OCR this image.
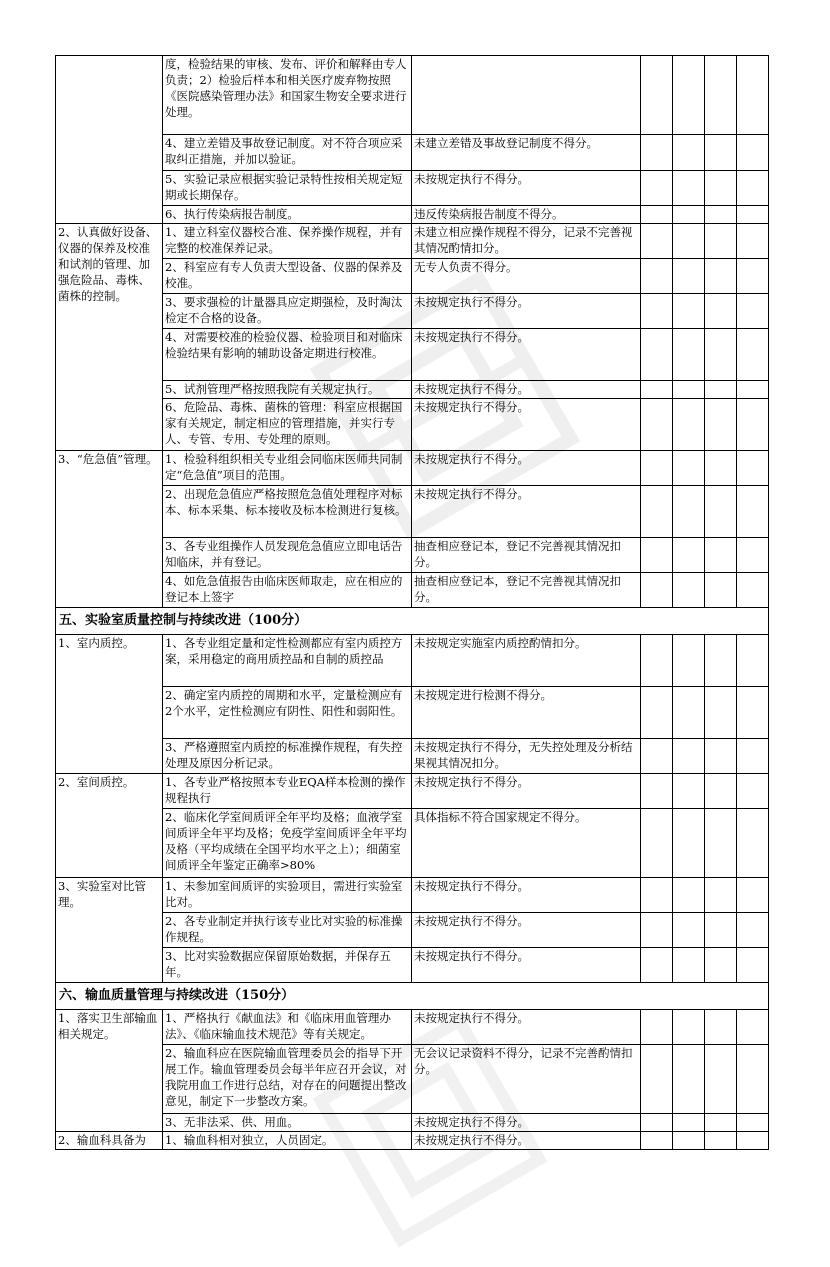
	度，检验结果的审核、发布、评价和解释由专人负责；2）检验后样本和相关医疗废弃物按照《医院感染管理办法》和国家生物安全要求进行处理。					
	4、建立差错及事故登记制度。对不符合项应采取纠正措施，并加以验证。	未建立差错及事故登记制度不得分。				
	5、实验记录应根据实验记录特性按相关规定短期或长期保存。	未按规定执行不得分。				
	6、执行传染病报告制度。	违反传染病报告制度不得分。				
2、认真做好设备、仪器的保养及校准和试剂的管理、加强危险品、毒株、菌株的控制。	1、建立科室仪器校合准、保养操作规程，并有完整的校准保养记录。	未建立相应操作规程不得分，记录不完善视其情况酌情扣分。				
	2、科室应有专人负责大型设备、仪器的保养及校准。	无专人负责不得分。				
	3、要求强检的计量器具应定期强检，及时淘汰检定不合格的设备。	未按规定执行不得分。				
	4、对需要校准的检验仪器、检验项目和对临床检验结果有影响的辅助设备定期进行校准。	未按规定执行不得分。				
	5、试剂管理严格按照我院有关规定执行。	未按规定执行不得分。				
	6、危险品、毒株、菌株的管理：科室应根据国家有关规定，制定相应的管理措施，并实行专人、专管、专用、专处理的原则。	未按规定执行不得分。				
3、“危急值”管理。	1、检验科组织相关专业组会同临床医师共同制定“危急值”项目的范围。	未按规定执行不得分。				
	2、出现危急值应严格按照危急值处理程序对标本、标本采集、标本接收及标本检测进行复核。	未按规定执行不得分。				
	3、各专业组操作人员发现危急值应立即电话告知临床，并有登记。	抽查相应登记本，登记不完善视其情况扣分。				
	4、如危急值报告由临床医师取走，应在相应的登记本上签字	抽查相应登记本，登记不完善视其情况扣分。				
五、实验室质量控制与持续改进（100分）						
1、室内质控。	1、各专业组定量和定性检测都应有室内质控方案，采用稳定的商用质控品和自制的质控品	未按规定实施室内质控酌情扣分。				
	2、确定室内质控的周期和水平，定量检测应有2个水平，定性检测应有阴性、阳性和弱阳性。	未按规定进行检测不得分。				
	3、严格遵照室内质控的标准操作规程，有失控处理及原因分析记录。	未按规定执行不得分，无失控处理及分析结果视其情况扣分。				
2、室间质控。	1、各专业严格按照本专业EQA样本检测的操作规程执行	未按规定执行不得分。				
	2、临床化学室间质评全年平均及格；血液学室间质评全年平均及格；免疫学室间质评全年平均及格（平均成绩在全国平均水平之上）；细菌室间质评全年鉴定正确率>80%	具体指标不符合国家规定不得分。				
3、实验室对比管理。	1、未参加室间质评的实验项目，需进行实验室比对。	未按规定执行不得分。				
	2、各专业制定并执行该专业比对实验的标准操作规程。	未按规定执行不得分。				
	3、比对实验数据应保留原始数据，并保存五年。	未按规定执行不得分。				
六、输血质量管理与持续改进（150分）						
1、落实卫生部输血相关规定。	1、严格执行《献血法》和《临床用血管理办法》、《临床输血技术规范》等有关规定。	未按规定执行不得分。				
	2、输血科应在医院输血管理委员会的指导下开展工作。输血管理委员会每半年应召开会议，对我院用血工作进行总结，对存在的问题提出整改意见，制定下一步整改方案。	无会议记录资料不得分，记录不完善酌情扣分。				
	3、无非法采、供、用血。	未按规定执行不得分。				
2、输血科具备为	1、输血科相对独立，人员固定。	未按规定执行不得分。				
